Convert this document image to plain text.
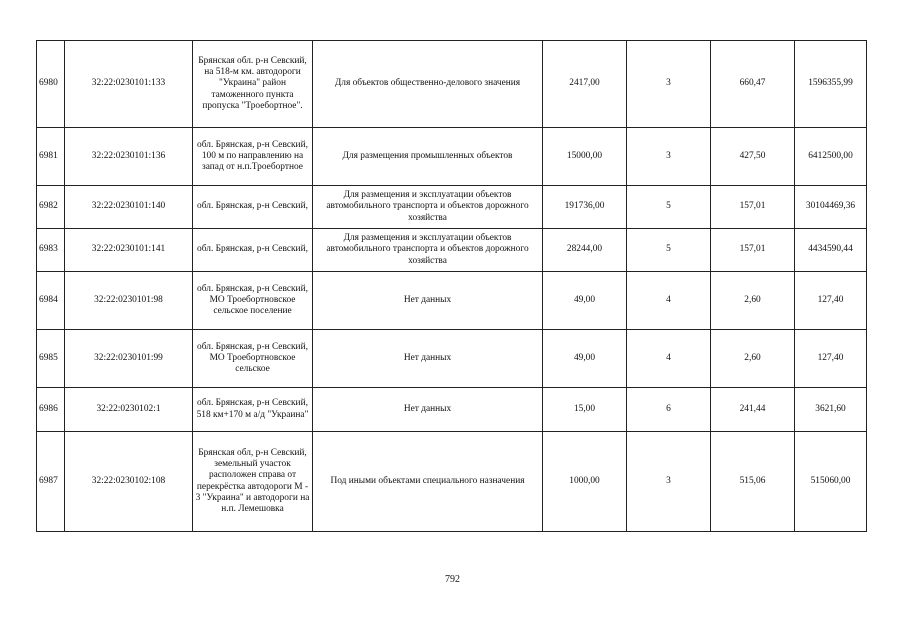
6980	32:22:0230101:133	Брянская обл. р-н Севский, на 518-м км. автодороги "Украина" район таможенного пункта пропуска "Троебортное".	Для объектов общественно-делового значения	2417,00	3	660,47	1596355,99
6981	32:22:0230101:136	обл. Брянская, р-н Севский, 100 м по направлению на запад от н.п.Троебортное	Для размещения промышленных объектов	15000,00	3	427,50	6412500,00
6982	32:22:0230101:140	обл. Брянская, р-н Севский,	Для размещения и эксплуатации объектов автомобильного транспорта и объектов дорожного хозяйства	191736,00	5	157,01	30104469,36
6983	32:22:0230101:141	обл. Брянская, р-н Севский,	Для размещения и эксплуатации объектов автомобильного транспорта и объектов дорожного хозяйства	28244,00	5	157,01	4434590,44
6984	32:22:0230101:98	обл. Брянская, р-н Севский, МО Троебортновское сельское поселение	Нет данных	49,00	4	2,60	127,40
6985	32:22:0230101:99	обл. Брянская, р-н Севский, МО Троебортновское сельское	Нет данных	49,00	4	2,60	127,40
6986	32:22:0230102:1	обл. Брянская, р-н Севский, 518 км+170 м а/д "Украина"	Нет данных	15,00	6	241,44	3621,60
6987	32:22:0230102:108	Брянская обл, р-н Севский, земельный участок расположен справа от перекрёстка автодороги М - 3 "Украина" и автодороги на н.п. Лемешовка	Под иными объектами специального назначения	1000,00	3	515,06	515060,00
792
